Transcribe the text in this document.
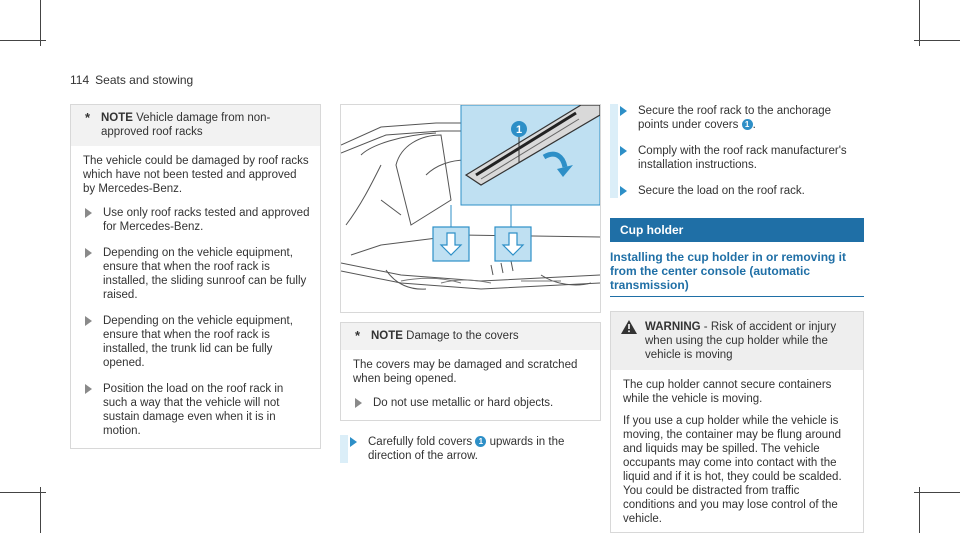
114 Seats and stowing
* NOTE Vehicle damage from non-approved roof racks

The vehicle could be damaged by roof racks which have not been tested and approved by Mercedes-Benz.

Use only roof racks tested and approved for Mercedes-Benz.
Depending on the vehicle equipment, ensure that when the roof rack is installed, the sliding sunroof can be fully raised.
Depending on the vehicle equipment, ensure that when the roof rack is installed, the trunk lid can be fully opened.
Position the load on the roof rack in such a way that the vehicle will not sustain damage even when it is in motion.
1
* NOTE Damage to the covers

The covers may be damaged and scratched when being opened.

Do not use metallic or hard objects.
Carefully fold covers 1 upwards in the direction of the arrow.
Secure the roof rack to the anchorage points under covers 1 .
Comply with the roof rack manufacturer's installation instructions.
Secure the load on the roof rack.
Cup holder
Installing the cup holder in or removing it from the center console (automatic transmission)
WARNING - Risk of accident or injury when using the cup holder while the vehicle is moving

The cup holder cannot secure containers while the vehicle is moving.

If you use a cup holder while the vehicle is moving, the container may be flung around and liquids may be spilled. The vehicle occupants may come into contact with the liquid and if it is hot, they could be scalded. You could be distracted from traffic conditions and you may lose control of the vehicle.
